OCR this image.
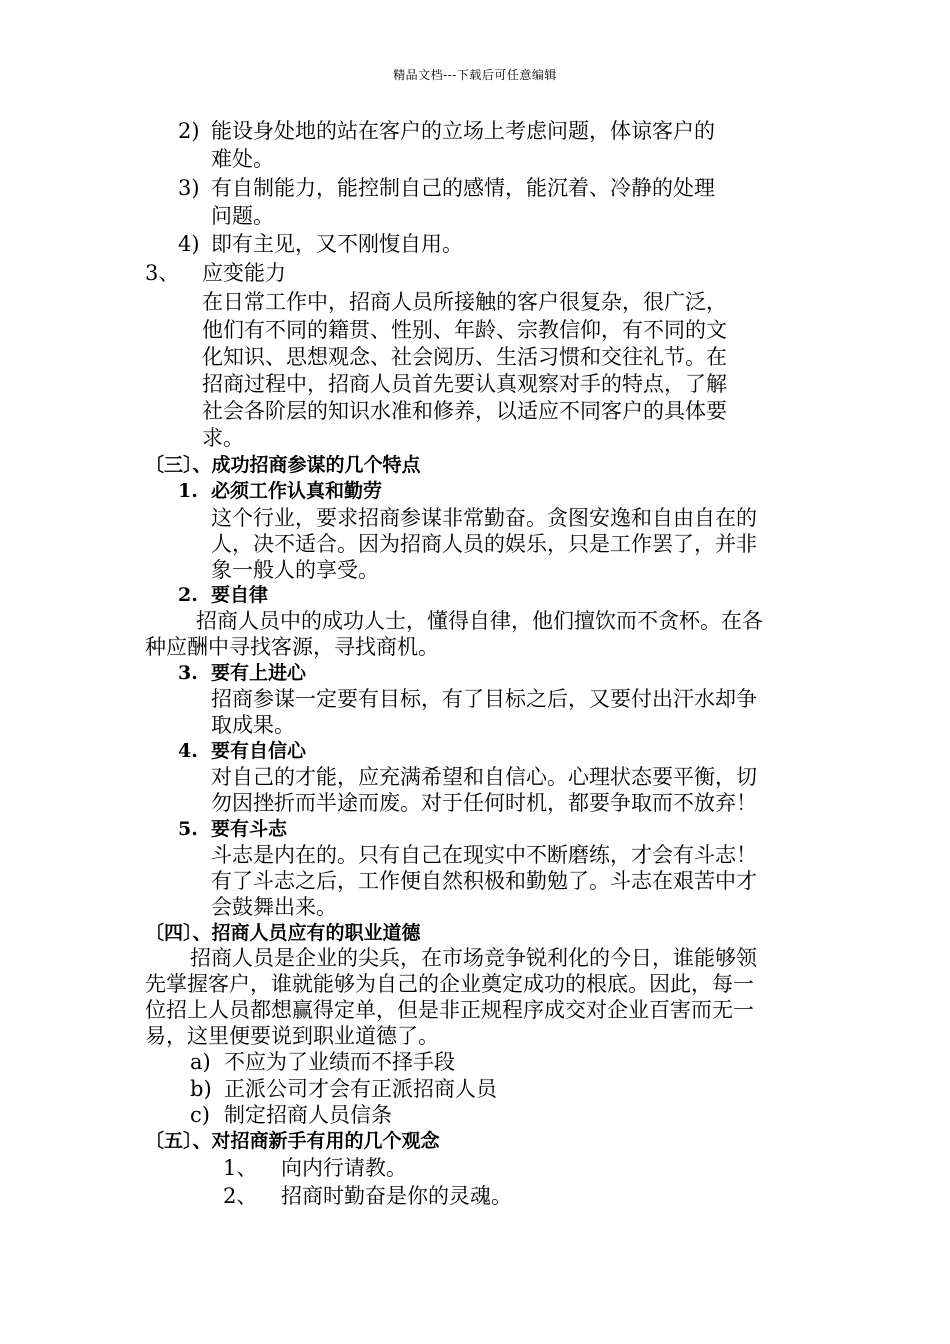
精品文档---下载后可任意编辑
2) 能设身处地的站在客户的立场上考虑问题，体谅客户的
难处。
3) 有自制能力，能控制自己的感情，能沉着、冷静的处理
问题。
4) 即有主见，又不刚愎自用。
3、 应变能力
在日常工作中，招商人员所接触的客户很复杂，很广泛，
他们有不同的籍贯、性别、年龄、宗教信仰，有不同的文
化知识、思想观念、社会阅历、生活习惯和交往礼节。在
招商过程中，招商人员首先要认真观察对手的特点，了解
社会各阶层的知识水准和修养，以适应不同客户的具体要
求。
〔三〕、成功招商参谋的几个特点
1. 必须工作认真和勤劳
这个行业，要求招商参谋非常勤奋。贪图安逸和自由自在的
人，决不适合。因为招商人员的娱乐，只是工作罢了，并非
象一般人的享受。
2. 要自律
招商人员中的成功人士，懂得自律，他们擅饮而不贪杯。在各
种应酬中寻找客源，寻找商机。
3. 要有上进心
招商参谋一定要有目标，有了目标之后，又要付出汗水却争
取成果。
4. 要有自信心
对自己的才能，应充满希望和自信心。心理状态要平衡，切
勿因挫折而半途而废。对于任何时机，都要争取而不放弃！
5. 要有斗志
斗志是内在的。只有自己在现实中不断磨练，才会有斗志！
有了斗志之后，工作便自然积极和勤勉了。斗志在艰苦中才
会鼓舞出来。
〔四〕、招商人员应有的职业道德
招商人员是企业的尖兵，在市场竞争锐利化的今日，谁能够领
先掌握客户，谁就能够为自己的企业奠定成功的根底。因此，每一
位招上人员都想赢得定单，但是非正规程序成交对企业百害而无一
易，这里便要说到职业道德了。
a) 不应为了业绩而不择手段
b) 正派公司才会有正派招商人员
c) 制定招商人员信条
〔五〕、对招商新手有用的几个观念
1、 向内行请教。
2、 招商时勤奋是你的灵魂。
